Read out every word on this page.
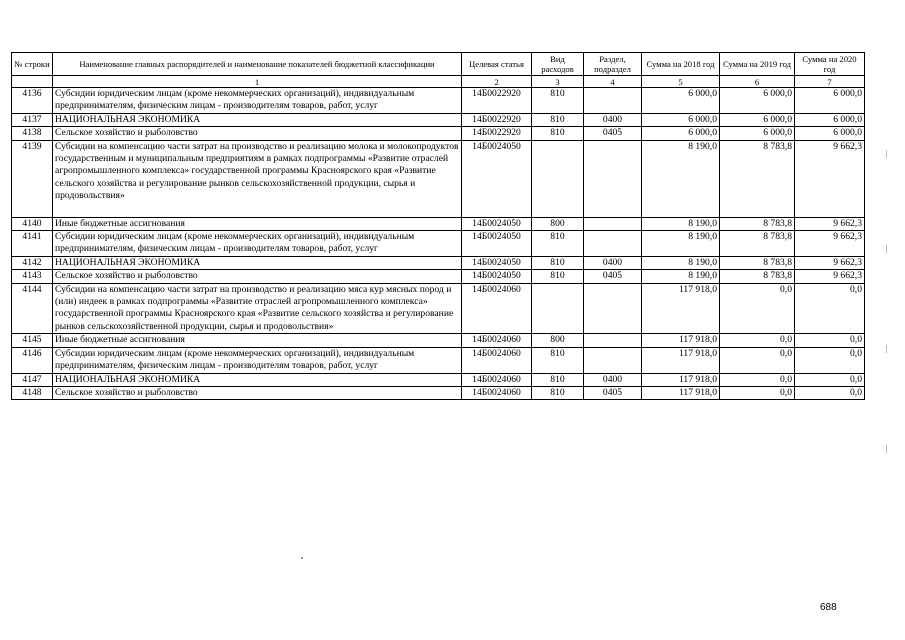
№ строки	Наименование главных распорядителей и наименование показателей бюджетной классификации	Целевая статья	Вид расходов	Раздел, подраздел	Сумма на 2018 год	Сумма на 2019 год	Сумма на 2020 год
	1	2	3	4	5	6	7
4136	Субсидии юридическим лицам (кроме некоммерческих организаций), индивидуальным предпринимателям, физическим лицам - производителям товаров, работ, услуг	14Б0022920	810		6 000,0	6 000,0	6 000,0
4137	НАЦИОНАЛЬНАЯ ЭКОНОМИКА	14Б0022920	810	0400	6 000,0	6 000,0	6 000,0
4138	Сельское хозяйство и рыболовство	14Б0022920	810	0405	6 000,0	6 000,0	6 000,0
4139	Субсидии на компенсацию части затрат на производство и реализацию молока и молокопродуктов государственным и муниципальным предприятиям в рамках подпрограммы «Развитие отраслей агропромышленного комплекса» государственной программы Красноярского края «Развитие сельского хозяйства и регулирование рынков сельскохозяйственной продукции, сырья и продовольствия»	14Б0024050			8 190,0	8 783,8	9 662,3
4140	Иные бюджетные ассигнования	14Б0024050	800		8 190,0	8 783,8	9 662,3
4141	Субсидии юридическим лицам (кроме некоммерческих организаций), индивидуальным предпринимателям, физическим лицам - производителям товаров, работ, услуг	14Б0024050	810		8 190,0	8 783,8	9 662,3
4142	НАЦИОНАЛЬНАЯ ЭКОНОМИКА	14Б0024050	810	0400	8 190,0	8 783,8	9 662,3
4143	Сельское хозяйство и рыболовство	14Б0024050	810	0405	8 190,0	8 783,8	9 662,3
4144	Субсидии на компенсацию части затрат на производство и реализацию мяса кур мясных пород и (или) индеек в рамках подпрограммы «Развитие отраслей агропромышленного комплекса» государственной программы Красноярского края «Развитие сельского хозяйства и регулирование рынков сельскохозяйственной продукции, сырья и продовольствия»	14Б0024060			117 918,0	0,0	0,0
4145	Иные бюджетные ассигнования	14Б0024060	800		117 918,0	0,0	0,0
4146	Субсидии юридическим лицам (кроме некоммерческих организаций), индивидуальным предпринимателям, физическим лицам - производителям товаров, работ, услуг	14Б0024060	810		117 918,0	0,0	0,0
4147	НАЦИОНАЛЬНАЯ ЭКОНОМИКА	14Б0024060	810	0400	117 918,0	0,0	0,0
4148	Сельское хозяйство и рыболовство	14Б0024060	810	0405	117 918,0	0,0	0,0
688
